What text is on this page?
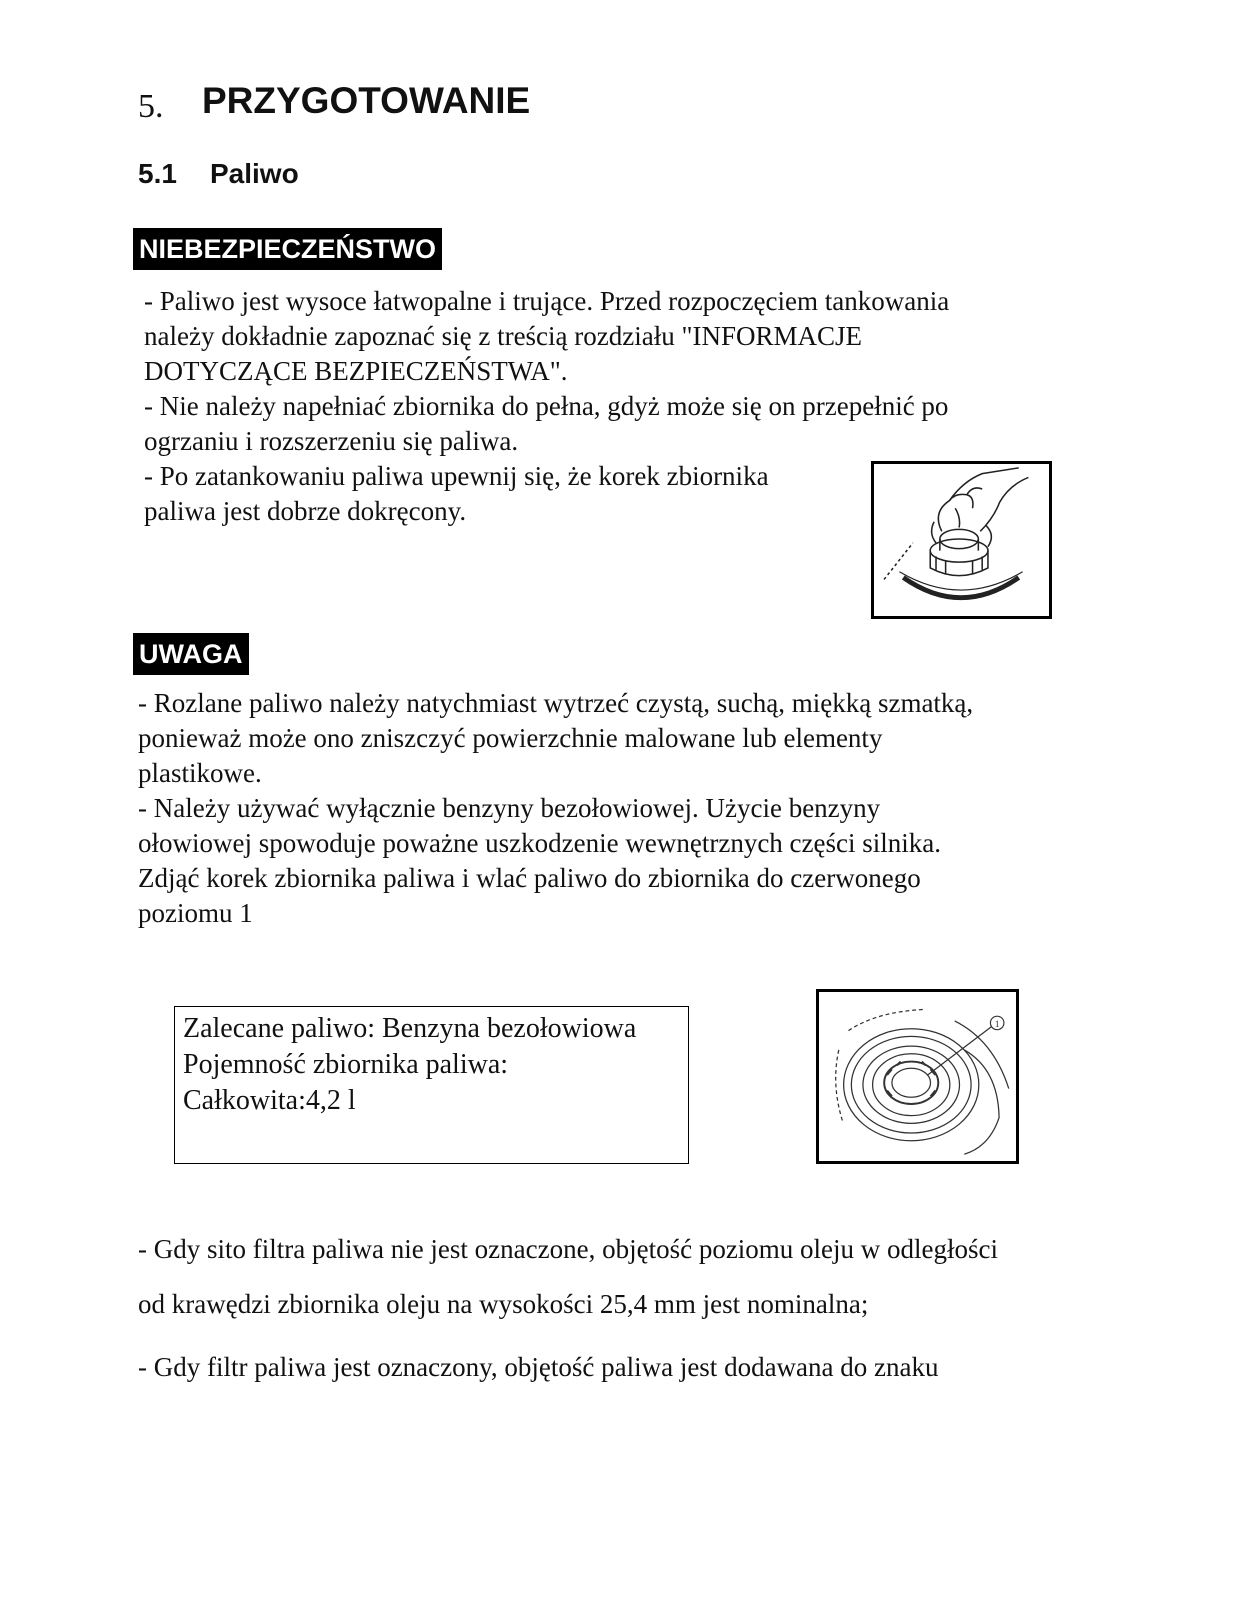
5. PRZYGOTOWANIE
5.1 Paliwo
NIEBEZPIECZEŃSTWO
- Paliwo jest wysoce łatwopalne i trujące. Przed rozpoczęciem tankowania
należy dokładnie zapoznać się z treścią rozdziału "INFORMACJE
DOTYCZĄCE BEZPIECZEŃSTWA".
- Nie należy napełniać zbiornika do pełna, gdyż może się on przepełnić po
ogrzaniu i rozszerzeniu się paliwa.
- Po zatankowaniu paliwa upewnij się, że korek zbiornika
paliwa jest dobrze dokręcony.
UWAGA
- Rozlane paliwo należy natychmiast wytrzeć czystą, suchą, miękką szmatką,
ponieważ może ono zniszczyć powierzchnie malowane lub elementy
plastikowe.
- Należy używać wyłącznie benzyny bezołowiowej. Użycie benzyny
ołowiowej spowoduje poważne uszkodzenie wewnętrznych części silnika.
Zdjąć korek zbiornika paliwa i wlać paliwo do zbiornika do czerwonego
poziomu 1
Zalecane paliwo: Benzyna bezołowiowa
Pojemność zbiornika paliwa:
Całkowita:4,2 l
1
- Gdy sito filtra paliwa nie jest oznaczone, objętość poziomu oleju w odległości
od krawędzi zbiornika oleju na wysokości 25,4 mm jest nominalna;
- Gdy filtr paliwa jest oznaczony, objętość paliwa jest dodawana do znaku
